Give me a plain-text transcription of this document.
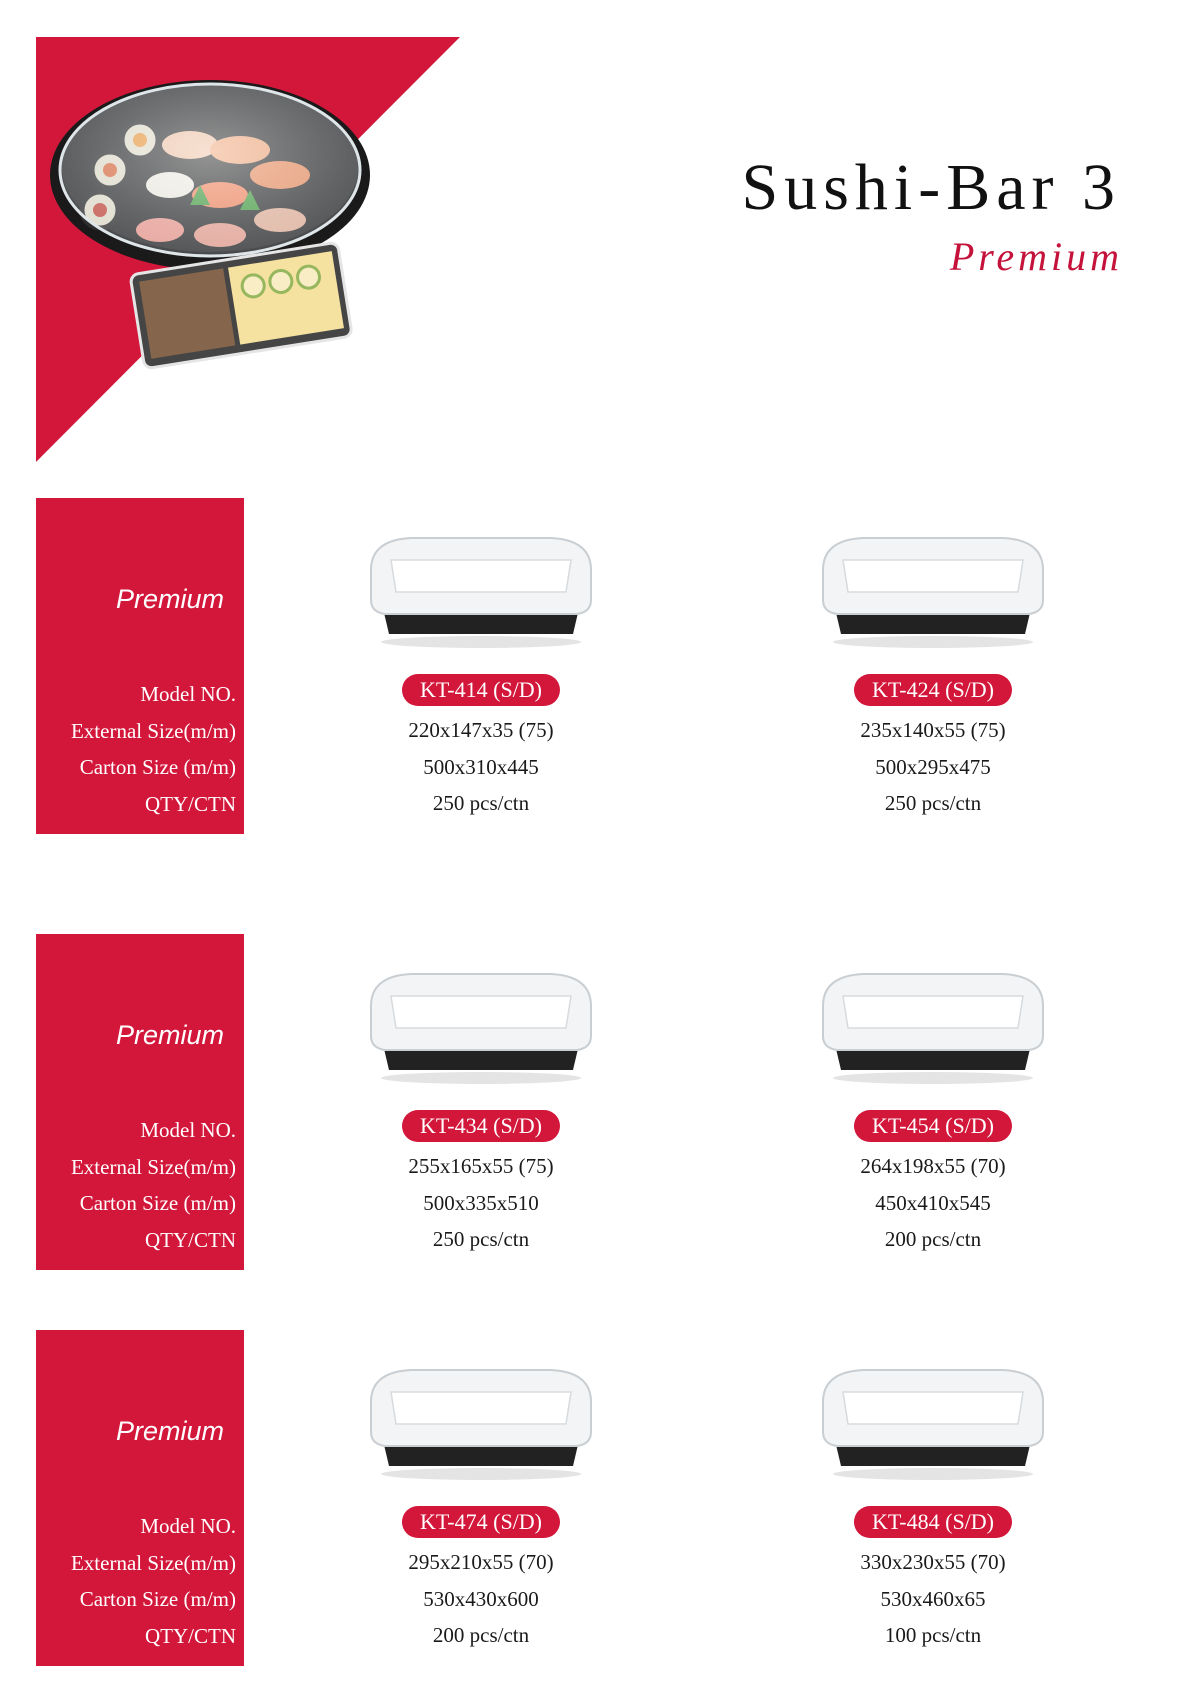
Sushi-Bar 3
Premium
Premium
Model NO.
External Size(m/m)
Carton Size (m/m)
QTY/CTN
KT-414 (S/D)
220x147x35 (75)
500x310x445
250 pcs/ctn
KT-424 (S/D)
235x140x55 (75)
500x295x475
250 pcs/ctn
Premium
Model NO.
External Size(m/m)
Carton Size (m/m)
QTY/CTN
KT-434 (S/D)
255x165x55 (75)
500x335x510
250 pcs/ctn
KT-454 (S/D)
264x198x55 (70)
450x410x545
200 pcs/ctn
Premium
Model NO.
External Size(m/m)
Carton Size (m/m)
QTY/CTN
KT-474 (S/D)
295x210x55 (70)
530x430x600
200 pcs/ctn
KT-484 (S/D)
330x230x55 (70)
530x460x65
100 pcs/ctn
